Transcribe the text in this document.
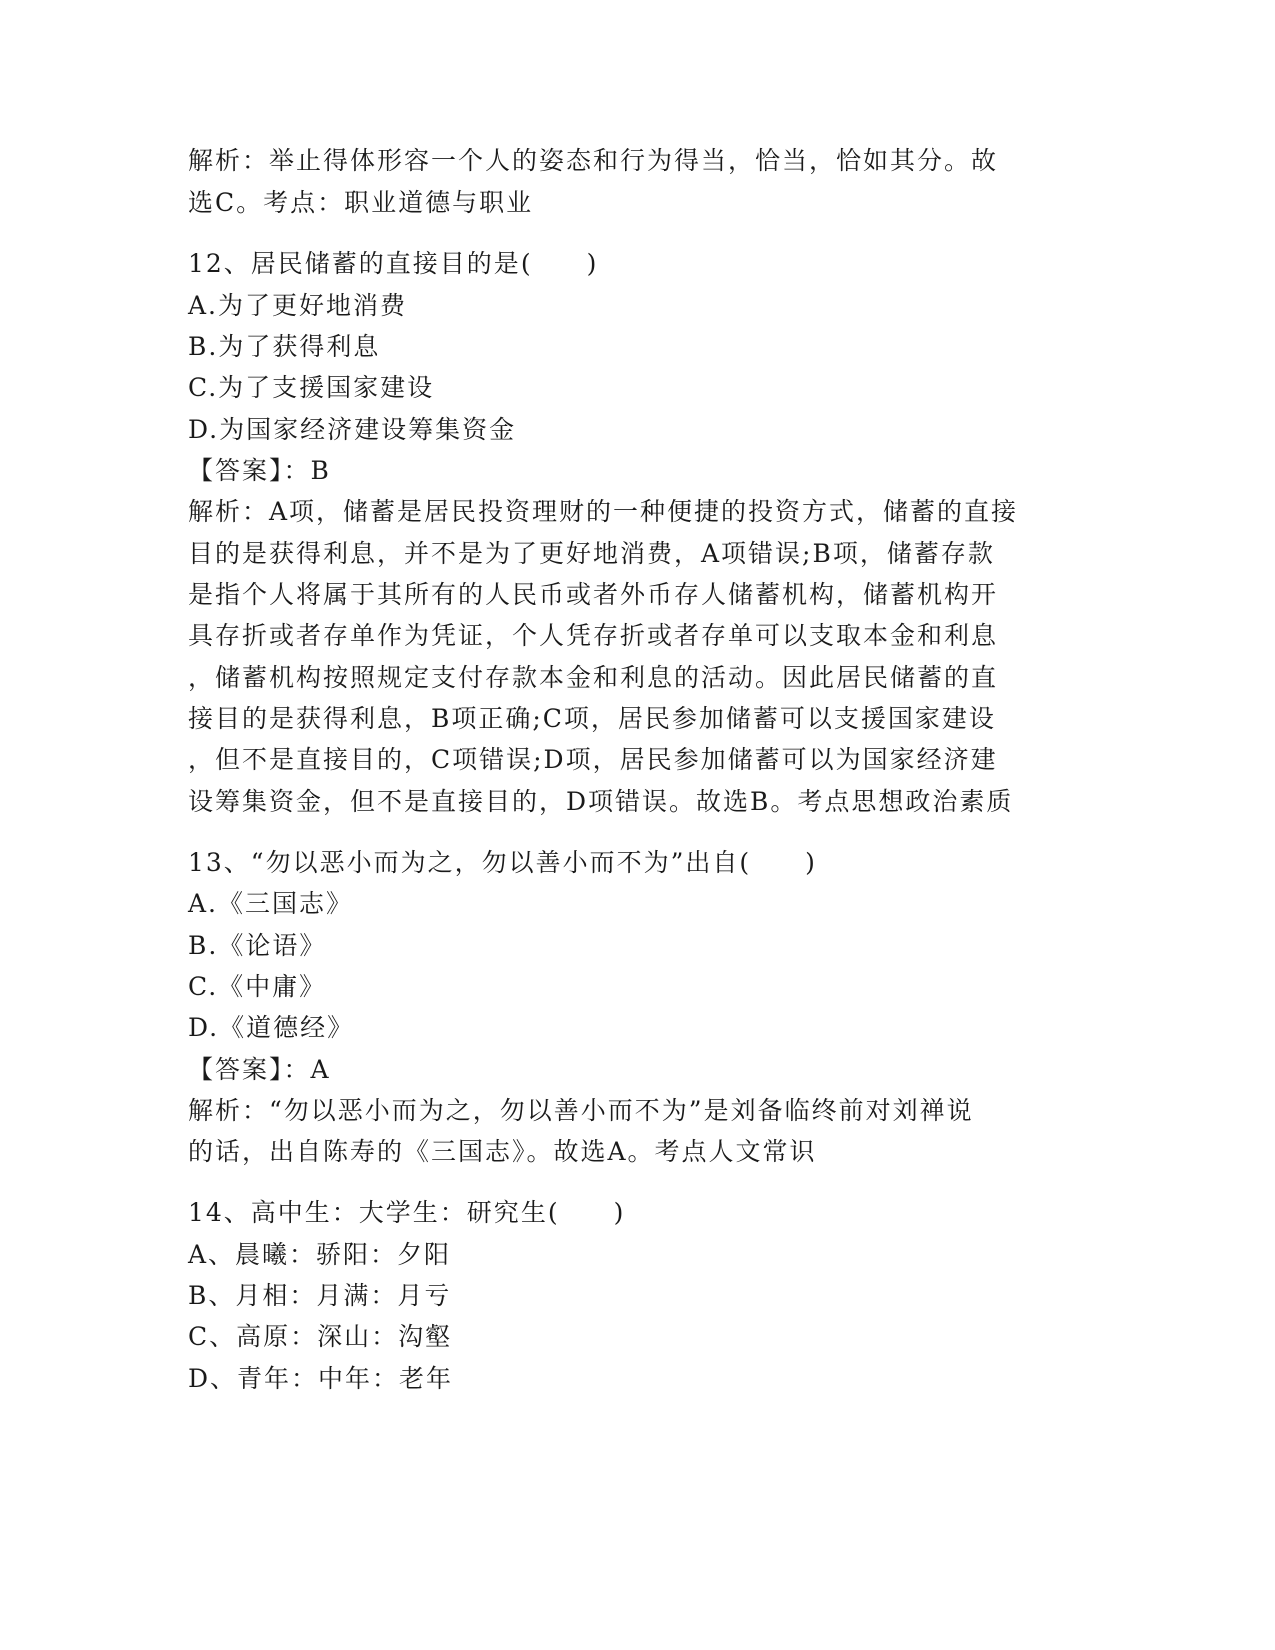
解析：举止得体形容一个人的姿态和行为得当，恰当，恰如其分。故
选C。考点：职业道德与职业
12、居民储蓄的直接目的是(　　)
A.为了更好地消费
B.为了获得利息
C.为了支援国家建设
D.为国家经济建设筹集资金
【答案】：B
解析：A项，储蓄是居民投资理财的一种便捷的投资方式，储蓄的直接
目的是获得利息，并不是为了更好地消费，A项错误;B项，储蓄存款
是指个人将属于其所有的人民币或者外币存人储蓄机构，储蓄机构开
具存折或者存单作为凭证，个人凭存折或者存单可以支取本金和利息
，储蓄机构按照规定支付存款本金和利息的活动。因此居民储蓄的直
接目的是获得利息，B项正确;C项，居民参加储蓄可以支援国家建设
，但不是直接目的，C项错误;D项，居民参加储蓄可以为国家经济建
设筹集资金，但不是直接目的，D项错误。故选B。考点思想政治素质
13、“勿以恶小而为之，勿以善小而不为”出自(　　)
A.《三国志》
B.《论语》
C.《中庸》
D.《道德经》
【答案】：A
解析：“勿以恶小而为之，勿以善小而不为”是刘备临终前对刘禅说
的话，出自陈寿的《三国志》。故选A。考点人文常识
14、高中生：大学生：研究生(　　)
A、晨曦：骄阳：夕阳
B、月相：月满：月亏
C、高原：深山：沟壑
D、青年：中年：老年
